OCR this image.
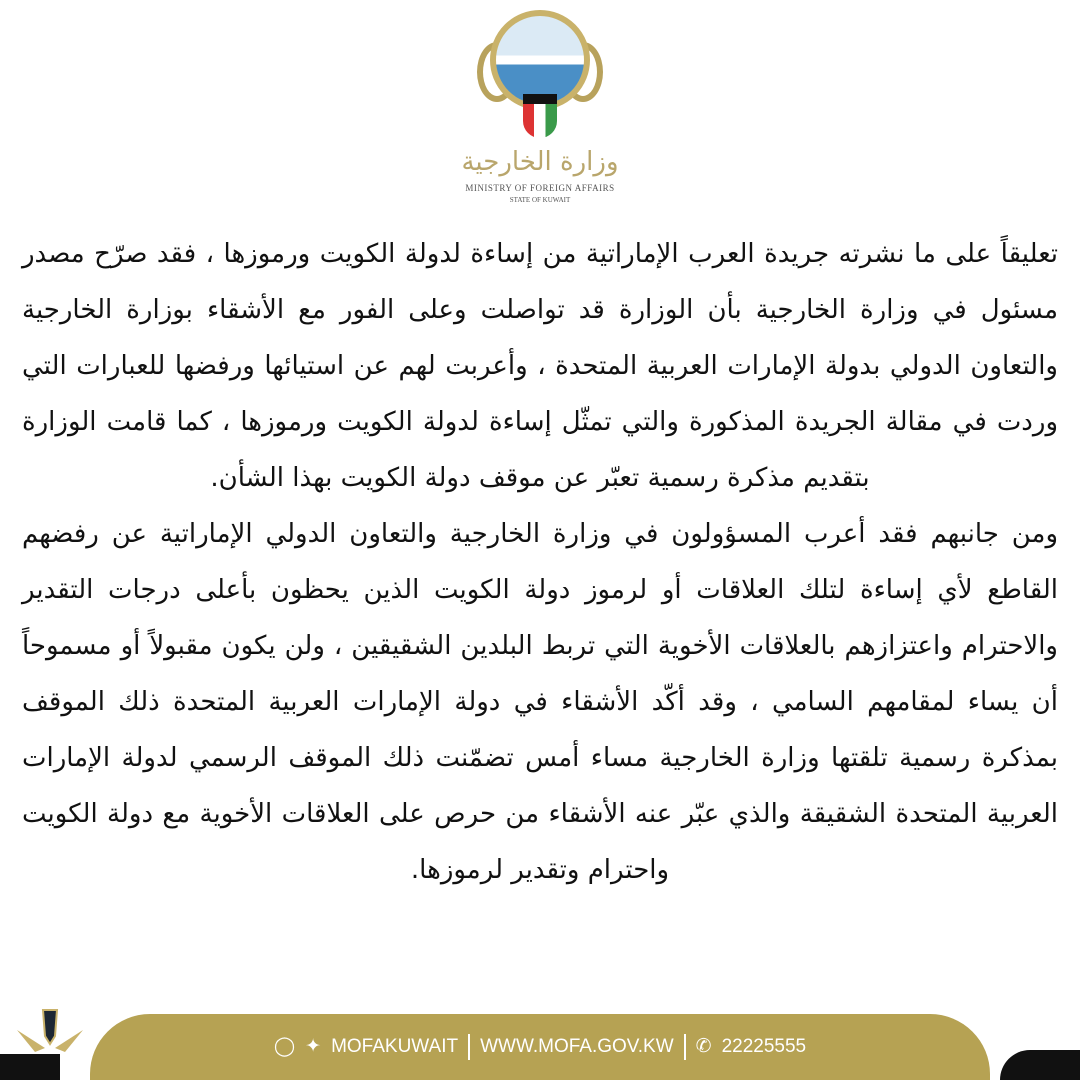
وزارة الخارجية
MINISTRY OF FOREIGN AFFAIRS
STATE OF KUWAIT

تعليقاً على ما نشرته جريدة العرب الإماراتية من إساءة لدولة الكويت ورموزها ، فقد صرّح مصدر مسئول في وزارة الخارجية بأن الوزارة قد تواصلت وعلى الفور مع الأشقاء بوزارة الخارجية والتعاون الدولي بدولة الإمارات العربية المتحدة ، وأعربت لهم عن استيائها ورفضها للعبارات التي وردت في مقالة الجريدة المذكورة والتي تمثّل إساءة لدولة الكويت ورموزها ، كما قامت الوزارة بتقديم مذكرة رسمية تعبّر عن موقف دولة الكويت بهذا الشأن.

ومن جانبهم فقد أعرب المسؤولون في وزارة الخارجية والتعاون الدولي الإماراتية عن رفضهم القاطع لأي إساءة لتلك العلاقات أو لرموز دولة الكويت الذين يحظون بأعلى درجات التقدير والاحترام واعتزازهم بالعلاقات الأخوية التي تربط البلدين الشقيقين ، ولن يكون مقبولاً أو مسموحاً أن يساء لمقامهم السامي ، وقد أكّد الأشقاء في دولة الإمارات العربية المتحدة ذلك الموقف بمذكرة رسمية تلقتها وزارة الخارجية مساء أمس تضمّنت ذلك الموقف الرسمي لدولة الإمارات العربية المتحدة الشقيقة والذي عبّر عنه الأشقاء من حرص على العلاقات الأخوية مع دولة الكويت واحترام وتقدير لرموزها.

◯ ✦ MOFAKUWAIT WWW.MOFA.GOV.KW ✆ 22225555
